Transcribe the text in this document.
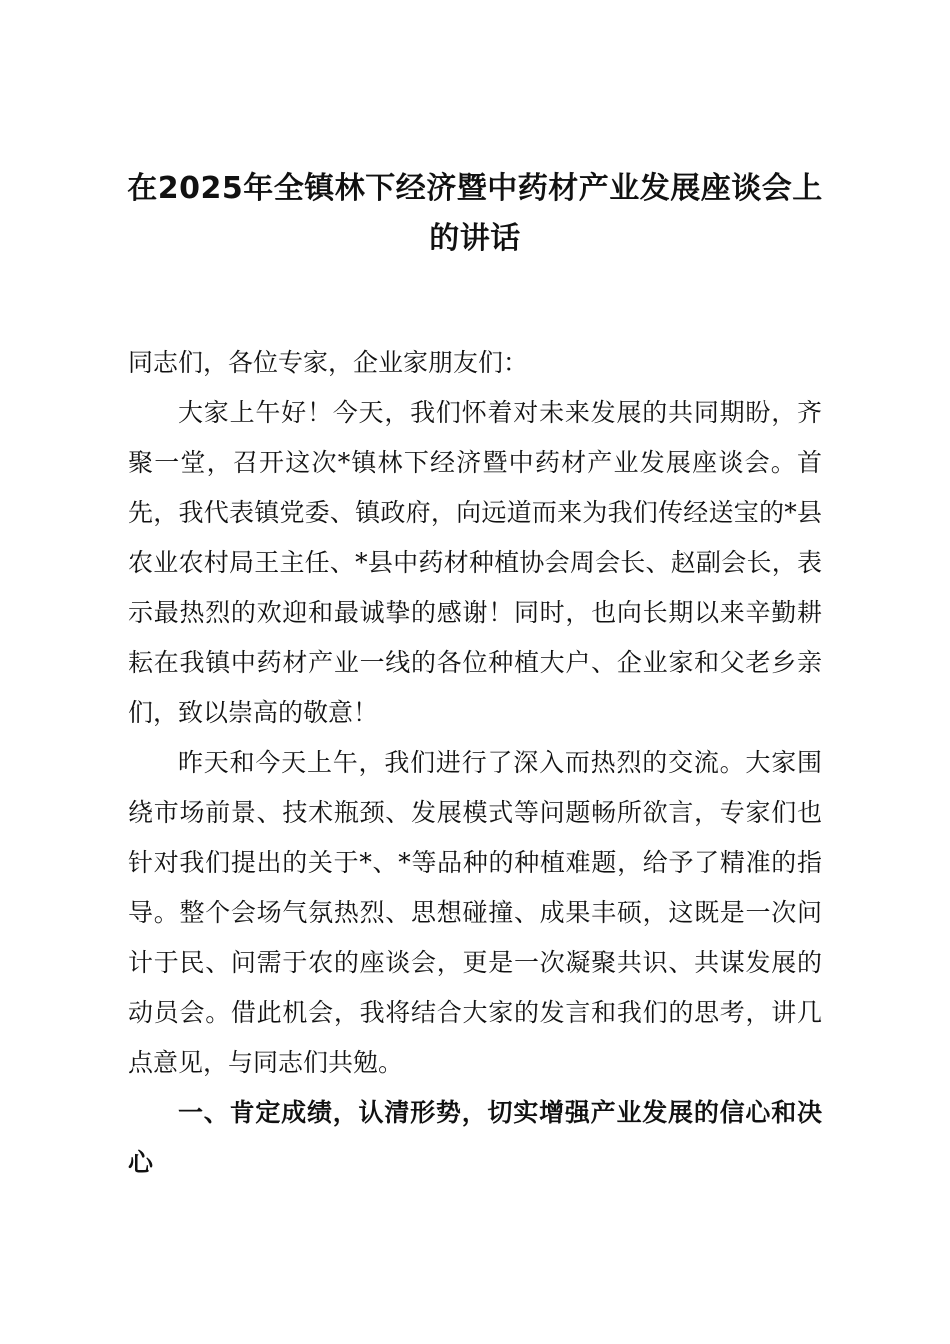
在2025年全镇林下经济暨中药材产业发展座谈会上的讲话

同志们，各位专家，企业家朋友们：

大家上午好！今天，我们怀着对未来发展的共同期盼，齐聚一堂，召开这次*镇林下经济暨中药材产业发展座谈会。首先，我代表镇党委、镇政府，向远道而来为我们传经送宝的*县农业农村局王主任、*县中药材种植协会周会长、赵副会长，表示最热烈的欢迎和最诚挚的感谢！同时，也向长期以来辛勤耕耘在我镇中药材产业一线的各位种植大户、企业家和父老乡亲们，致以崇高的敬意！

昨天和今天上午，我们进行了深入而热烈的交流。大家围绕市场前景、技术瓶颈、发展模式等问题畅所欲言，专家们也针对我们提出的关于*、*等品种的种植难题，给予了精准的指导。整个会场气氛热烈、思想碰撞、成果丰硕，这既是一次问计于民、问需于农的座谈会，更是一次凝聚共识、共谋发展的动员会。借此机会，我将结合大家的发言和我们的思考，讲几点意见，与同志们共勉。

一、肯定成绩，认清形势，切实增强产业发展的信心和决心
